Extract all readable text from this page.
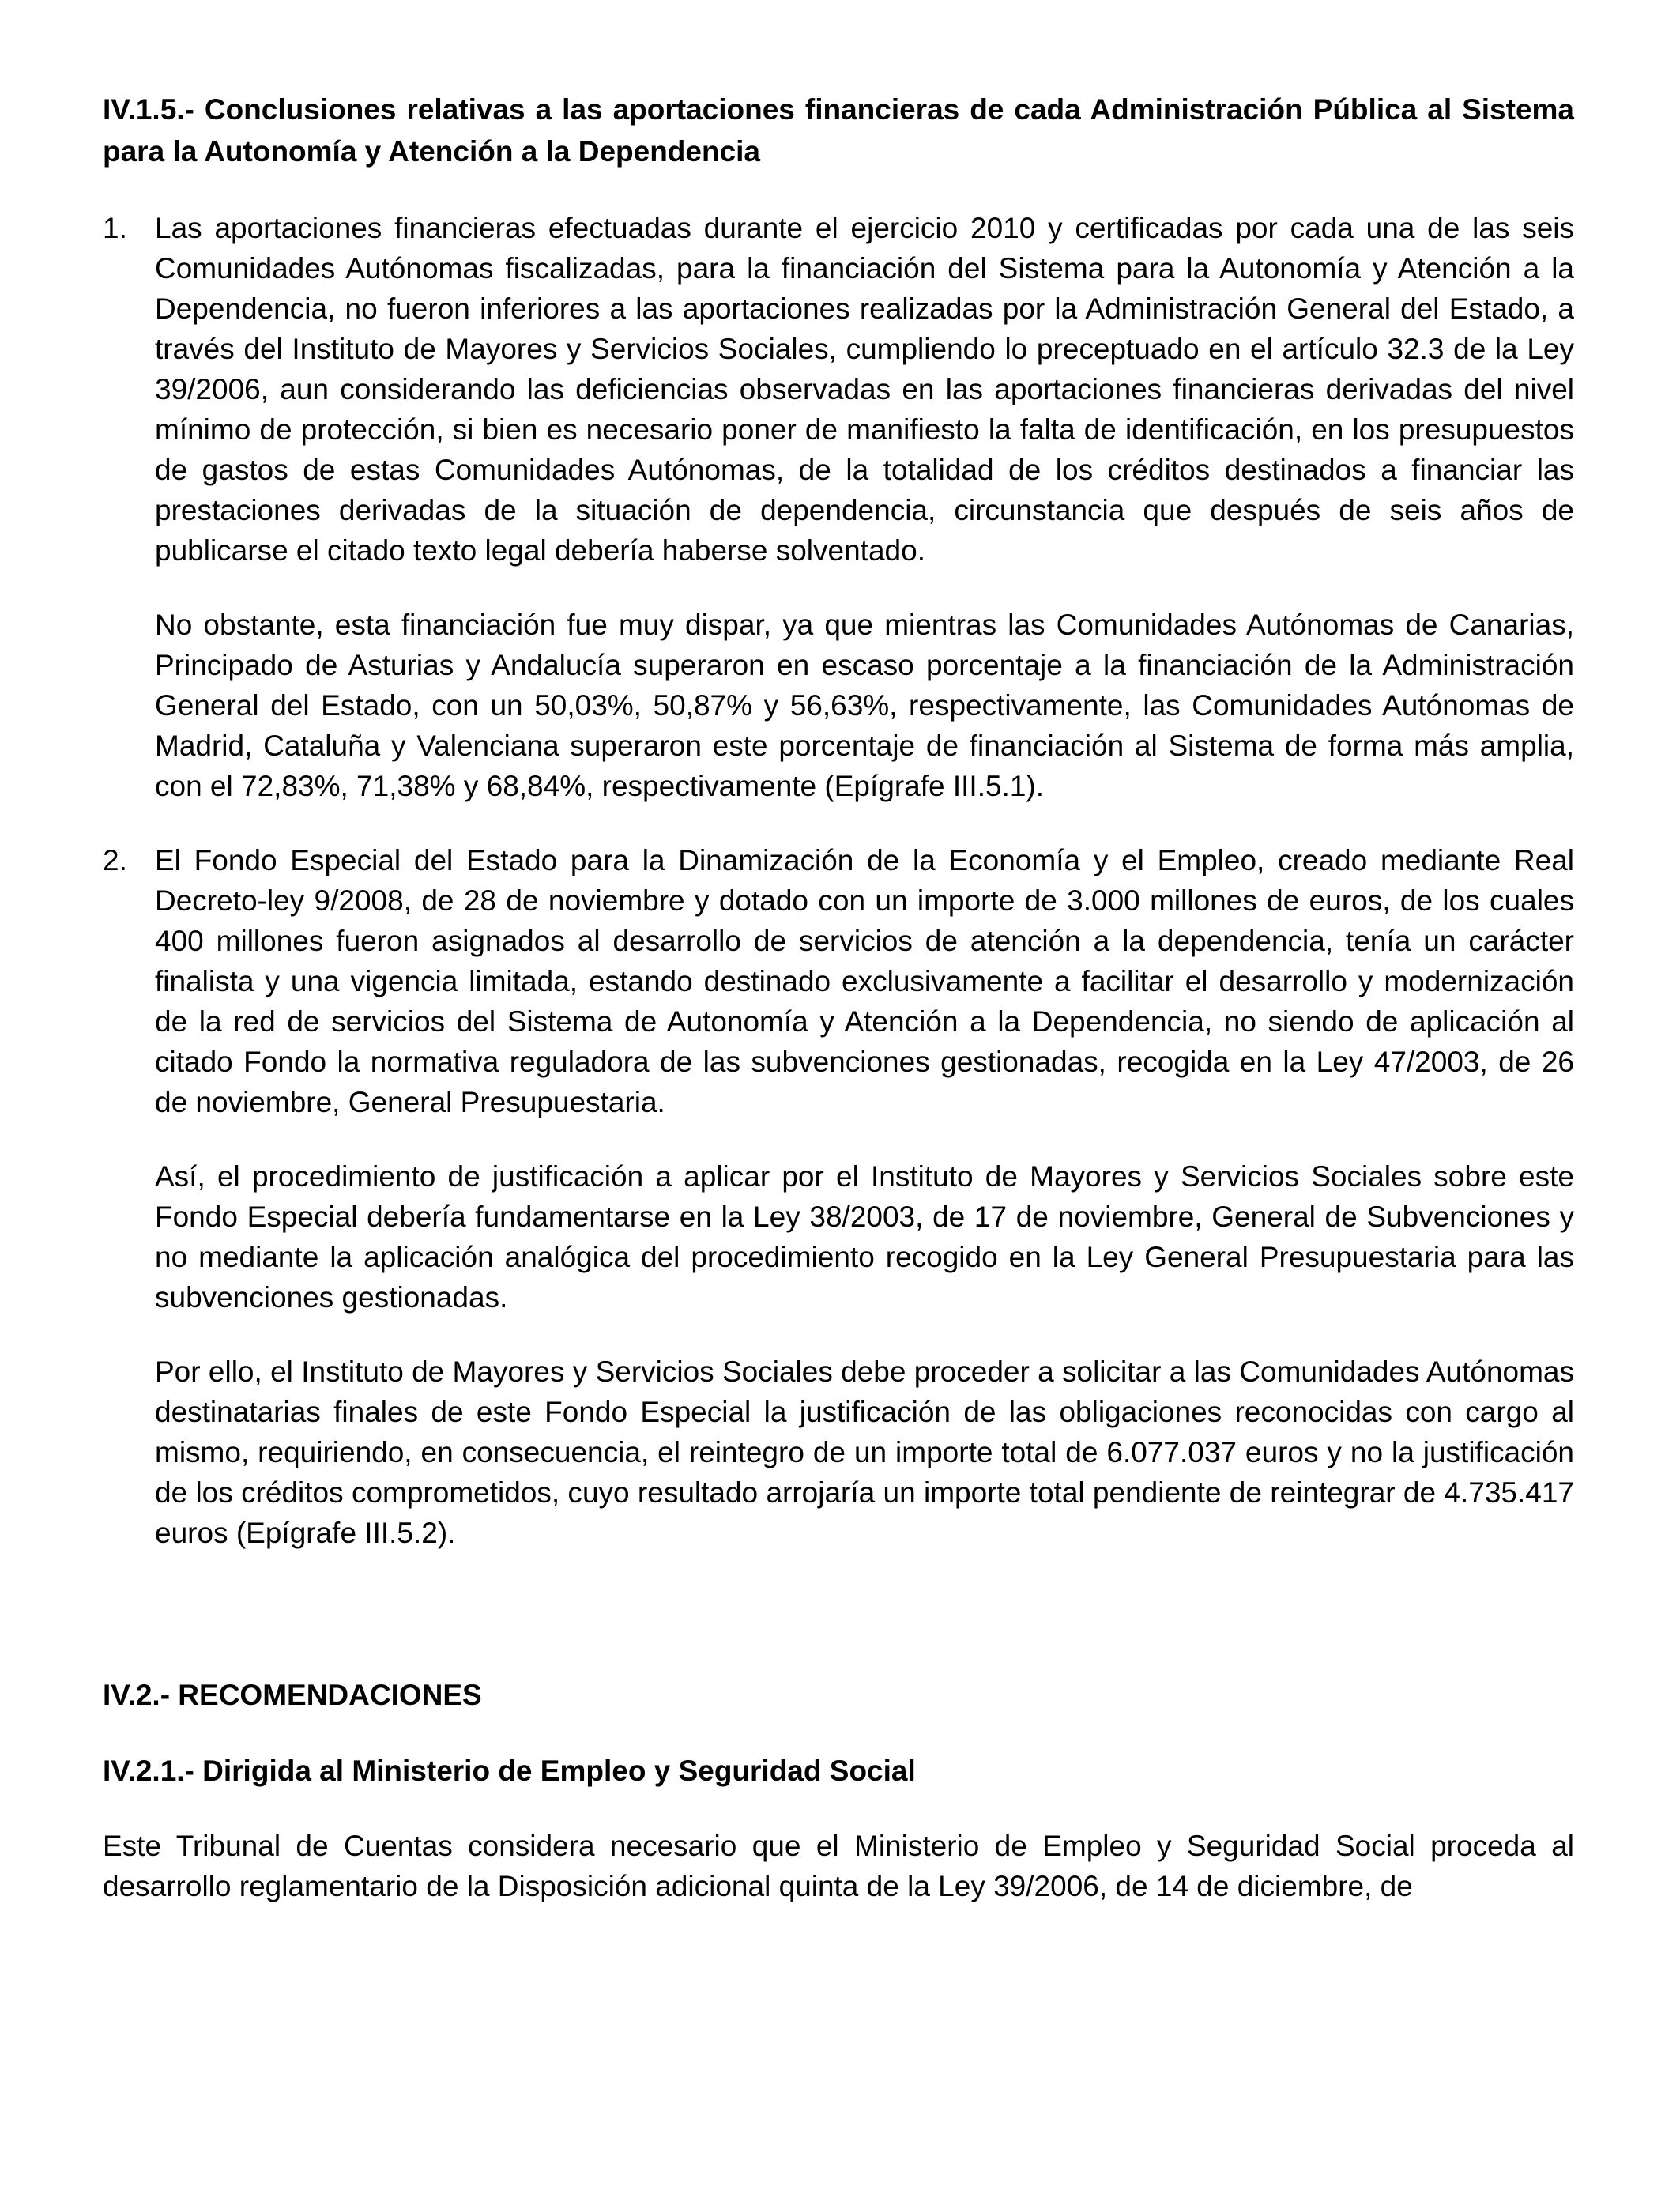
IV.1.5.- Conclusiones relativas a las aportaciones financieras de cada Administración Pública al Sistema para la Autonomía y Atención a la Dependencia
1. Las aportaciones financieras efectuadas durante el ejercicio 2010 y certificadas por cada una de las seis Comunidades Autónomas fiscalizadas, para la financiación del Sistema para la Autonomía y Atención a la Dependencia, no fueron inferiores a las aportaciones realizadas por la Administración General del Estado, a través del Instituto de Mayores y Servicios Sociales, cumpliendo lo preceptuado en el artículo 32.3 de la Ley 39/2006, aun considerando las deficiencias observadas en las aportaciones financieras derivadas del nivel mínimo de protección, si bien es necesario poner de manifiesto la falta de identificación, en los presupuestos de gastos de estas Comunidades Autónomas, de la totalidad de los créditos destinados a financiar las prestaciones derivadas de la situación de dependencia, circunstancia que después de seis años de publicarse el citado texto legal debería haberse solventado.

No obstante, esta financiación fue muy dispar, ya que mientras las Comunidades Autónomas de Canarias, Principado de Asturias y Andalucía superaron en escaso porcentaje a la financiación de la Administración General del Estado, con un 50,03%, 50,87% y 56,63%, respectivamente, las Comunidades Autónomas de Madrid, Cataluña y Valenciana superaron este porcentaje de financiación al Sistema de forma más amplia, con el 72,83%, 71,38% y 68,84%, respectivamente (Epígrafe III.5.1).

2. El Fondo Especial del Estado para la Dinamización de la Economía y el Empleo, creado mediante Real Decreto-ley 9/2008, de 28 de noviembre y dotado con un importe de 3.000 millones de euros, de los cuales 400 millones fueron asignados al desarrollo de servicios de atención a la dependencia, tenía un carácter finalista y una vigencia limitada, estando destinado exclusivamente a facilitar el desarrollo y modernización de la red de servicios del Sistema de Autonomía y Atención a la Dependencia, no siendo de aplicación al citado Fondo la normativa reguladora de las subvenciones gestionadas, recogida en la Ley 47/2003, de 26 de noviembre, General Presupuestaria.

Así, el procedimiento de justificación a aplicar por el Instituto de Mayores y Servicios Sociales sobre este Fondo Especial debería fundamentarse en la Ley 38/2003, de 17 de noviembre, General de Subvenciones y no mediante la aplicación analógica del procedimiento recogido en la Ley General Presupuestaria para las subvenciones gestionadas.

Por ello, el Instituto de Mayores y Servicios Sociales debe proceder a solicitar a las Comunidades Autónomas destinatarias finales de este Fondo Especial la justificación de las obligaciones reconocidas con cargo al mismo, requiriendo, en consecuencia, el reintegro de un importe total de 6.077.037 euros y no la justificación de los créditos comprometidos, cuyo resultado arrojaría un importe total pendiente de reintegrar de 4.735.417 euros (Epígrafe III.5.2).

IV.2.- RECOMENDACIONES
IV.2.1.- Dirigida al Ministerio de Empleo y Seguridad Social

Este Tribunal de Cuentas considera necesario que el Ministerio de Empleo y Seguridad Social proceda al desarrollo reglamentario de la Disposición adicional quinta de la Ley 39/2006, de 14 de diciembre, de
